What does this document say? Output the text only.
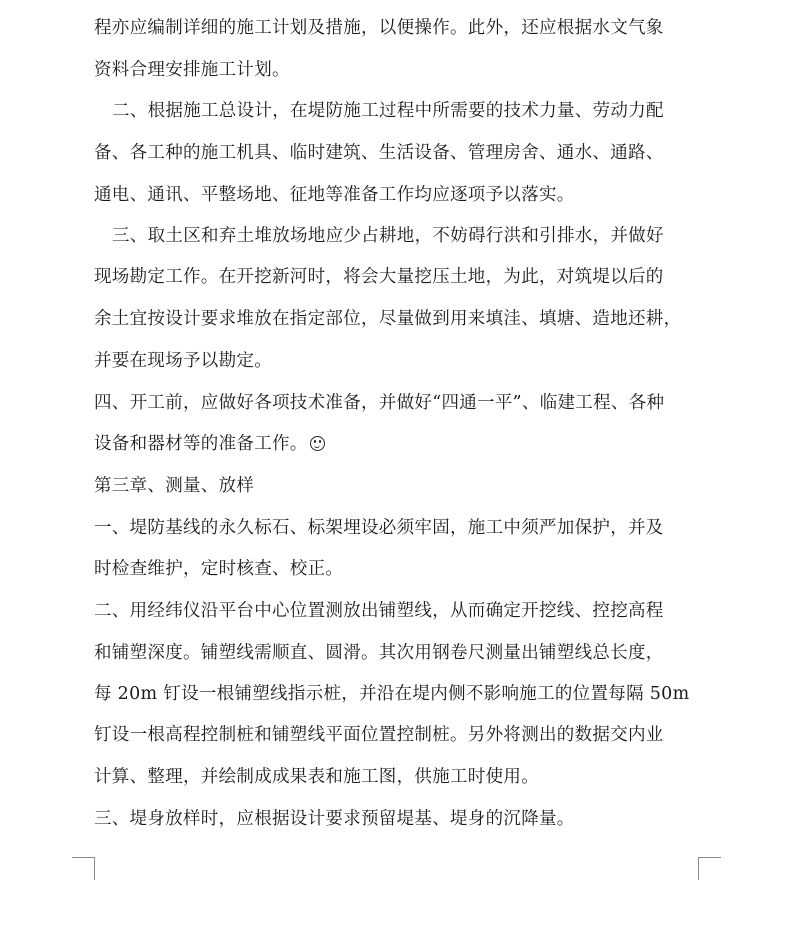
程亦应编制详细的施工计划及措施，以便操作。此外，还应根据水文气象
资料合理安排施工计划。
二、根据施工总设计，在堤防施工过程中所需要的技术力量、劳动力配
备、各工种的施工机具、临时建筑、生活设备、管理房舍、通水、通路、
通电、通讯、平整场地、征地等准备工作均应逐项予以落实。
三、取土区和弃土堆放场地应少占耕地，不妨碍行洪和引排水，并做好
现场勘定工作。在开挖新河时，将会大量挖压土地，为此，对筑堤以后的
余土宜按设计要求堆放在指定部位，尽量做到用来填洼、填塘、造地还耕，
并要在现场予以勘定。
四、开工前，应做好各项技术准备，并做好“四通一平”、临建工程、各种
设备和器材等的准备工作。
第三章、测量、放样
一、堤防基线的永久标石、标架埋设必须牢固，施工中须严加保护，并及
时检查维护，定时核查、校正。
二、用经纬仪沿平台中心位置测放出铺塑线，从而确定开挖线、控挖高程
和铺塑深度。铺塑线需顺直、圆滑。其次用钢卷尺测量出铺塑线总长度，
每 20m 钉设一根铺塑线指示桩，并沿在堤内侧不影响施工的位置每隔 50m
钉设一根高程控制桩和铺塑线平面位置控制桩。另外将测出的数据交内业
计算、整理，并绘制成成果表和施工图，供施工时使用。
三、堤身放样时，应根据设计要求预留堤基、堤身的沉降量。
